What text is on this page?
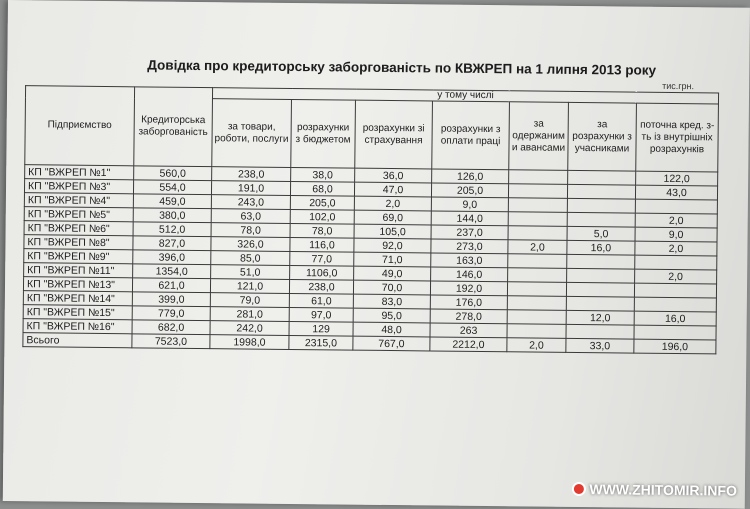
Довідка про кредиторську заборгованість по КВЖРЕП на 1 липня 2013 року
тис.грн.
Підприємство	Кредиторська заборгованість	у тому числі						
		за товари, роботи, послуги	розрахунки з бюджетом	розрахунки зі страхування	розрахунки з оплати праці	за одержаним и авансами	за розрахунки з учасниками	поточна кред. з-ть із внутрішніх розрахунків
КП "ВЖРЕП №1"	560,0	238,0	38,0	36,0	126,0			122,0
КП "ВЖРЕП №3"	554,0	191,0	68,0	47,0	205,0			43,0
КП "ВЖРЕП №4"	459,0	243,0	205,0	2,0	9,0			
КП "ВЖРЕП №5"	380,0	63,0	102,0	69,0	144,0			2,0
КП "ВЖРЕП №6"	512,0	78,0	78,0	105,0	237,0		5,0	9,0
КП "ВЖРЕП №8"	827,0	326,0	116,0	92,0	273,0	2,0	16,0	2,0
КП "ВЖРЕП №9"	396,0	85,0	77,0	71,0	163,0			
КП "ВЖРЕП №11"	1354,0	51,0	1106,0	49,0	146,0			2,0
КП "ВЖРЕП №13"	621,0	121,0	238,0	70,0	192,0			
КП "ВЖРЕП №14"	399,0	79,0	61,0	83,0	176,0			
КП "ВЖРЕП №15"	779,0	281,0	97,0	95,0	278,0		12,0	16,0
КП "ВЖРЕП №16"	682,0	242,0	129	48,0	263			
Всього	7523,0	1998,0	2315,0	767,0	2212,0	2,0	33,0	196,0
WWW.ZHITOMIR.INFO
